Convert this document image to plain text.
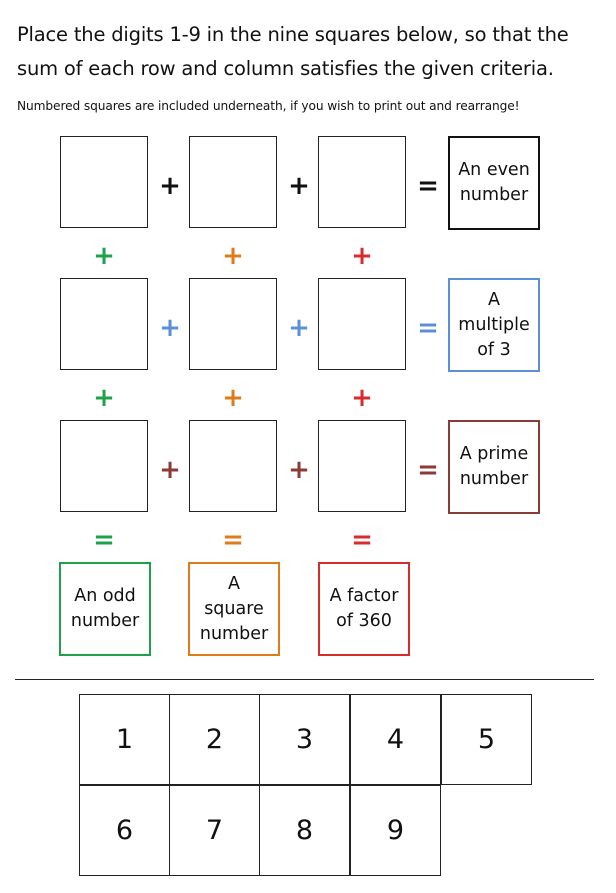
Place the digits 1-9 in the nine squares below, so that the sum of each row and column satisfies the given criteria.
Numbered squares are included underneath, if you wish to print out and rearrange!
+	+	=
An even number
+	+	+
+	+	=
A multiple of 3
+	+	+
+	+	=
A prime number
=	=	=
An odd number
A square number
A factor of 360
1	2	3	4	5
6	7	8	9
